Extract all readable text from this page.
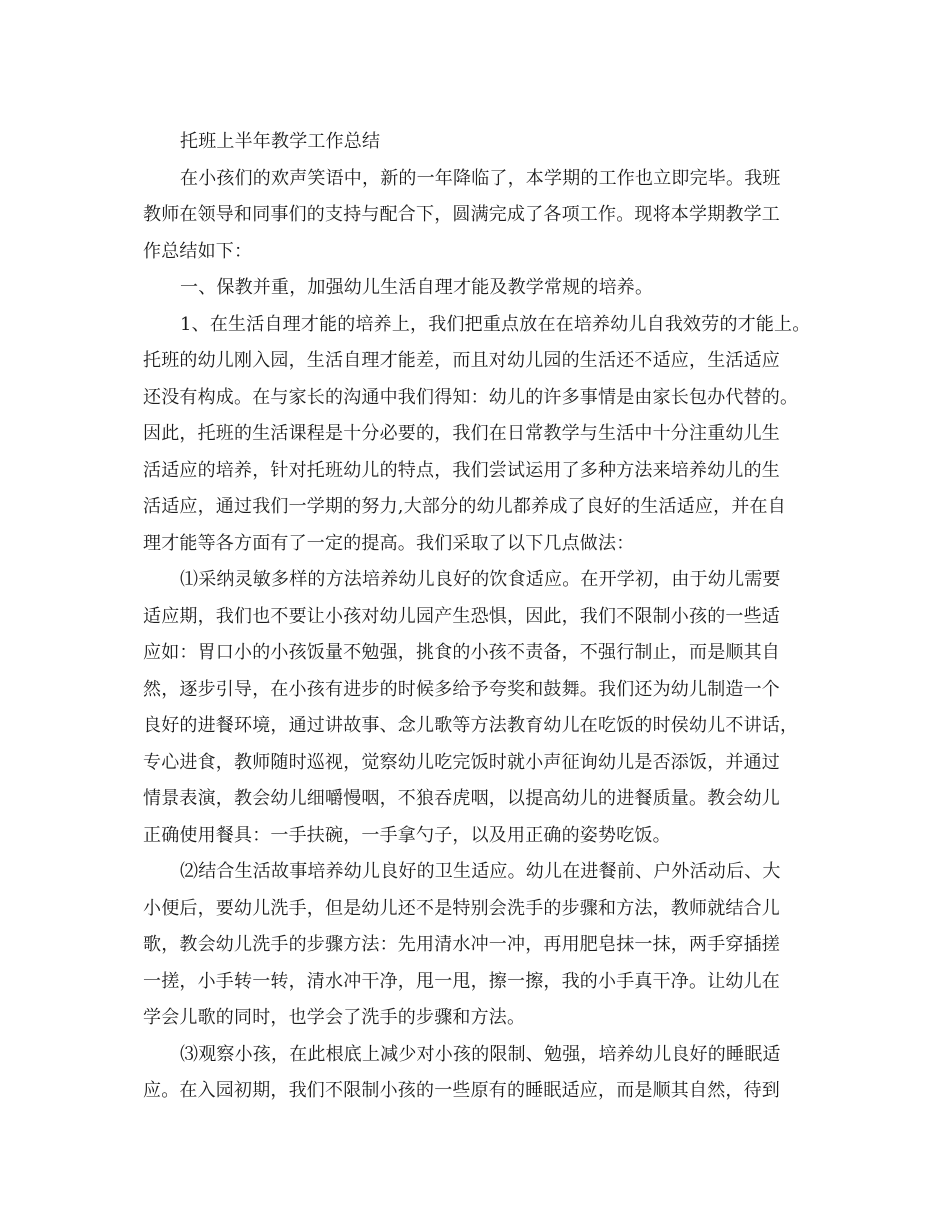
托班上半年教学工作总结
在小孩们的欢声笑语中，新的一年降临了，本学期的工作也立即完毕。我班
教师在领导和同事们的支持与配合下，圆满完成了各项工作。现将本学期教学工
作总结如下：
一、保教并重，加强幼儿生活自理才能及教学常规的培养。
1、在生活自理才能的培养上，我们把重点放在在培养幼儿自我效劳的才能上。
托班的幼儿刚入园，生活自理才能差，而且对幼儿园的生活还不适应，生活适应
还没有构成。在与家长的沟通中我们得知：幼儿的许多事情是由家长包办代替的。
因此，托班的生活课程是十分必要的，我们在日常教学与生活中十分注重幼儿生
活适应的培养，针对托班幼儿的特点，我们尝试运用了多种方法来培养幼儿的生
活适应，通过我们一学期的努力,大部分的幼儿都养成了良好的生活适应，并在自
理才能等各方面有了一定的提高。我们采取了以下几点做法：
⑴采纳灵敏多样的方法培养幼儿良好的饮食适应。在开学初，由于幼儿需要
适应期，我们也不要让小孩对幼儿园产生恐惧，因此，我们不限制小孩的一些适
应如：胃口小的小孩饭量不勉强，挑食的小孩不责备，不强行制止，而是顺其自
然，逐步引导，在小孩有进步的时候多给予夸奖和鼓舞。我们还为幼儿制造一个
良好的进餐环境，通过讲故事、念儿歌等方法教育幼儿在吃饭的时侯幼儿不讲话，
专心进食，教师随时巡视，觉察幼儿吃完饭时就小声征询幼儿是否添饭，并通过
情景表演，教会幼儿细嚼慢咽，不狼吞虎咽，以提高幼儿的进餐质量。教会幼儿
正确使用餐具：一手扶碗，一手拿勺子，以及用正确的姿势吃饭。
⑵结合生活故事培养幼儿良好的卫生适应。幼儿在进餐前、户外活动后、大
小便后，要幼儿洗手，但是幼儿还不是特别会洗手的步骤和方法，教师就结合儿
歌，教会幼儿洗手的步骤方法：先用清水冲一冲，再用肥皂抹一抹，两手穿插搓
一搓，小手转一转，清水冲干净，甩一甩，擦一擦，我的小手真干净。让幼儿在
学会儿歌的同时，也学会了洗手的步骤和方法。
⑶观察小孩，在此根底上减少对小孩的限制、勉强，培养幼儿良好的睡眠适
应。在入园初期，我们不限制小孩的一些原有的睡眠适应，而是顺其自然，待到
